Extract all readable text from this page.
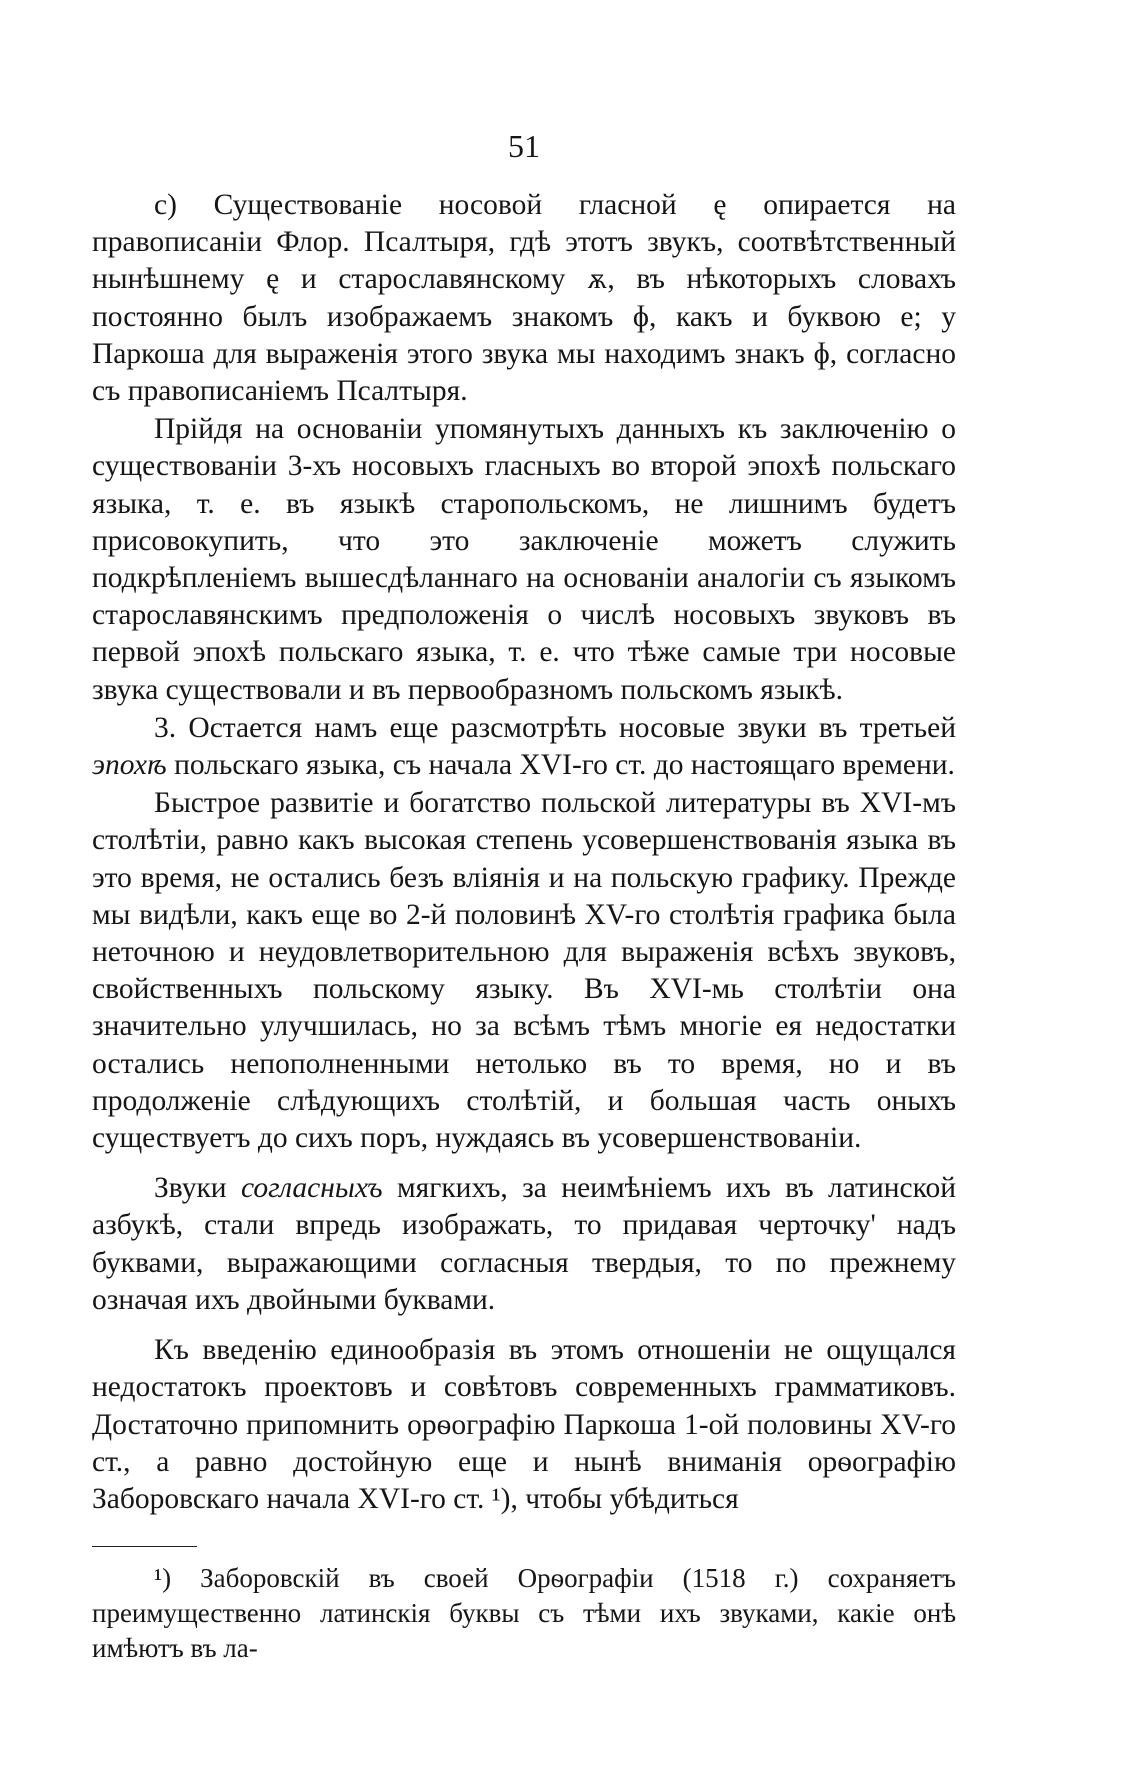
51

с) Существованіе носовой гласной ę опирается на правописаніи Флор. Псалтыря, гдѣ этотъ звукъ, соотвѣтственный нынѣшнему ę и старославянскому ѫ, въ нѣкоторыхъ словахъ постоянно былъ изображаемъ знакомъ ɸ, какъ и буквою e; у Паркоша для выраженія этого звука мы находимъ знакъ ɸ, согласно съ правописаніемъ Псалтыря.

Прійдя на основаніи упомянутыхъ данныхъ къ заключенію о существованіи 3-хъ носовыхъ гласныхъ во второй эпохѣ польскаго языка, т. е. въ языкѣ старопольскомъ, не лишнимъ будетъ присовокупить, что это заключеніе можетъ служить подкрѣпленіемъ вышесдѣланнаго на основаніи аналогіи съ языкомъ старославянскимъ предположенія о числѣ носовыхъ звуковъ въ первой эпохѣ польскаго языка, т. е. что тѣже самые три носовые звука существовали и въ первообразномъ польскомъ языкѣ.

3. Остается намъ еще разсмотрѣть носовые звуки въ третьей эпохѣ польскаго языка, съ начала XVI-го ст. до настоящаго времени.

Быстрое развитіе и богатство польской литературы въ XVI-мъ столѣтіи, равно какъ высокая степень усовершенствованія языка въ это время, не остались безъ вліянія и на польскую графику. Прежде мы видѣли, какъ еще во 2-й половинѣ XV-го столѣтія графика была неточною и неудовлетворительною для выраженія всѣхъ звуковъ, свойственныхъ польскому языку. Въ XVI-мь столѣтіи она значительно улучшилась, но за всѣмъ тѣмъ многіе ея недостатки остались непополненными нетолько въ то время, но и въ продолженіе слѣдующихъ столѣтій, и большая часть оныхъ существуетъ до сихъ поръ, нуждаясь въ усовершенствованіи.

Звуки согласныхъ мягкихъ, за неимѣніемъ ихъ въ латинской азбукѣ, стали впредь изображать, то придавая черточку' надъ буквами, выражающими согласныя твердыя, то по прежнему означая ихъ двойными буквами.

Къ введенію единообразія въ этомъ отношеніи не ощущался недостатокъ проектовъ и совѣтовъ современныхъ грамматиковъ. Достаточно припомнить орѳографію Паркоша 1-ой половины XV-го ст., а равно достойную еще и нынѣ вниманія орѳографію Заборовскаго начала XVI-го ст. ¹), чтобы убѣдиться

¹) Заборовскій въ своей Орѳографіи (1518 г.) сохраняетъ преимущественно латинскія буквы съ тѣми ихъ звуками, какіе онѣ имѣютъ въ ла-
